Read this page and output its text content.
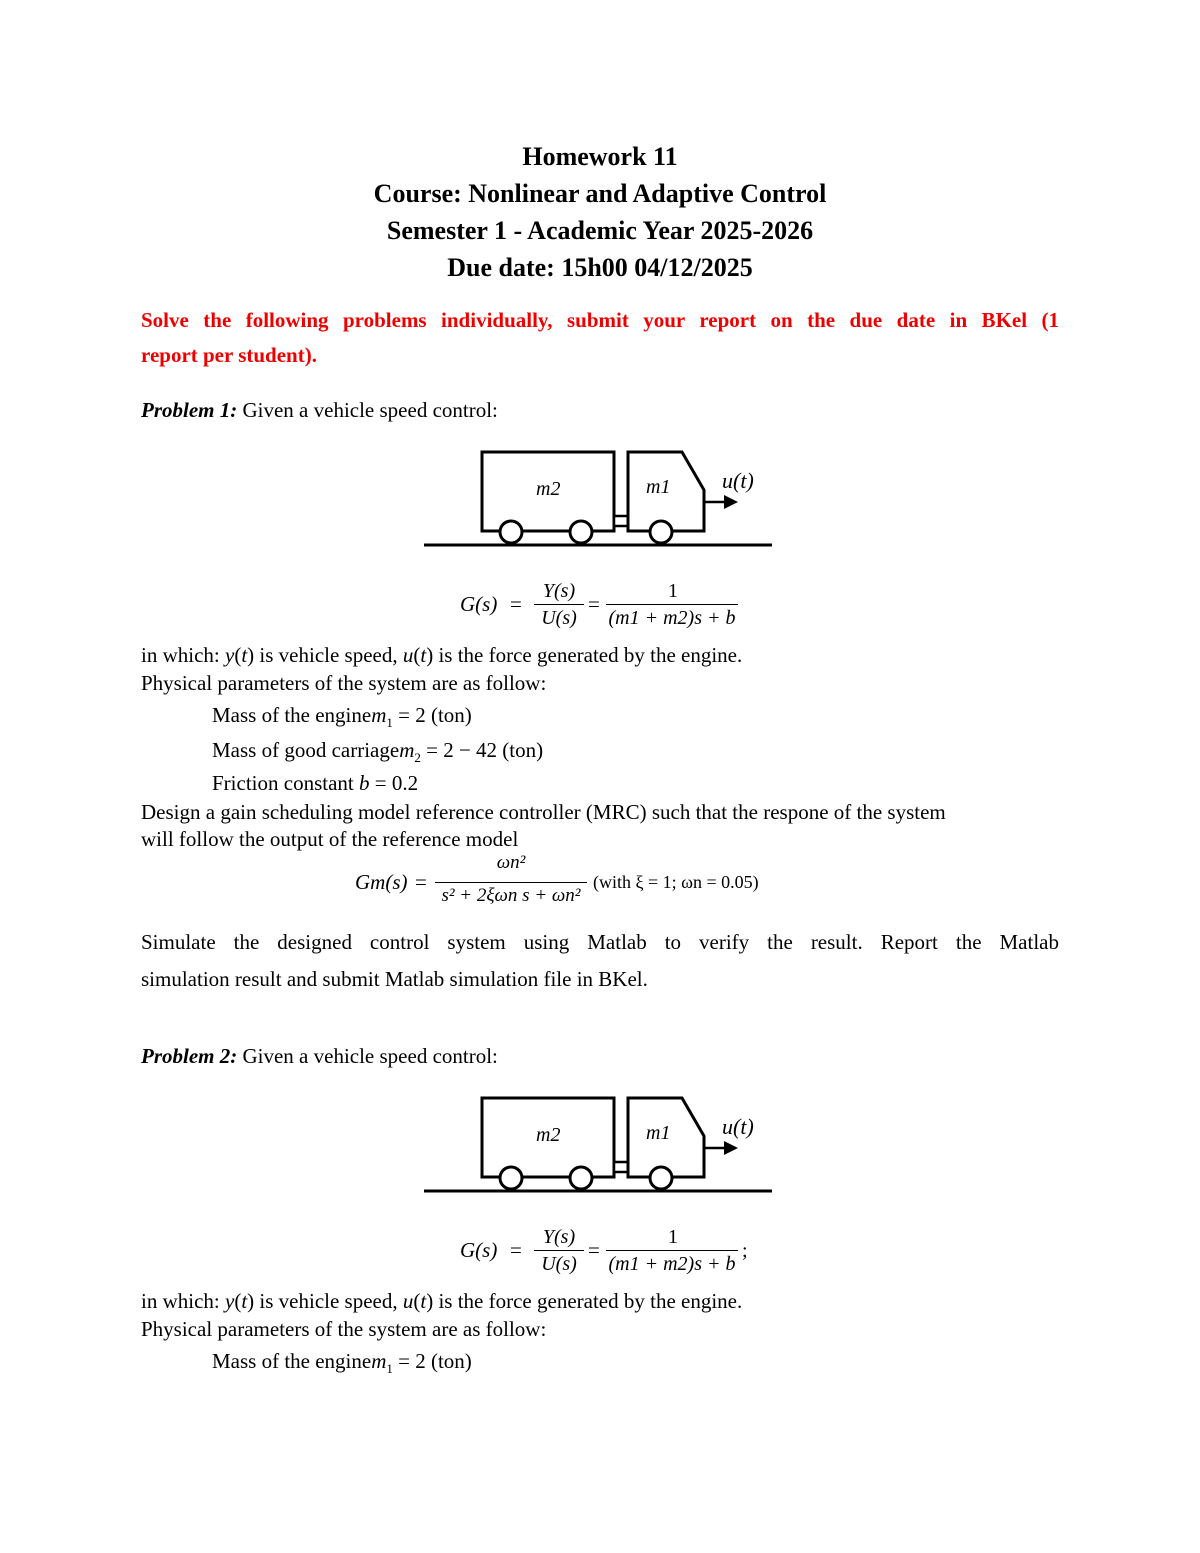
Homework 11
Course: Nonlinear and Adaptive Control
Semester 1 - Academic Year 2025-2026
Due date: 15h00 04/12/2025
Solve the following problems individually, submit your report on the due date in BKel (1
report per student).
Problem 1: Given a vehicle speed control:
m2	m1 u(t)
G(s) =
Y(s)
U(s)
=
1
(m1 + m2)s + b
in which: y(t) is vehicle speed, u(t) is the force generated by the engine.
Physical parameters of the system are as follow:
Mass of the enginem$_1$ = 2 (ton)
Mass of good carriagem$_2$ = 2 − 42 (ton)
Friction constant b = 0.2
Design a gain scheduling model reference controller (MRC) such that the respone of the system
will follow the output of the reference model
Gm(s) =
ωn²
s² + 2ξωn s + ωn²
(with ξ = 1; ωn = 0.05)
Simulate the designed control system using Matlab to verify the result. Report the Matlab
simulation result and submit Matlab simulation file in BKel.
Problem 2: Given a vehicle speed control:
m2	m1 u(t)
G(s) =
Y(s)
U(s)
=
1
(m1 + m2)s + b
;
in which: y(t) is vehicle speed, u(t) is the force generated by the engine.
Physical parameters of the system are as follow:
Mass of the enginem$_1$ = 2 (ton)
